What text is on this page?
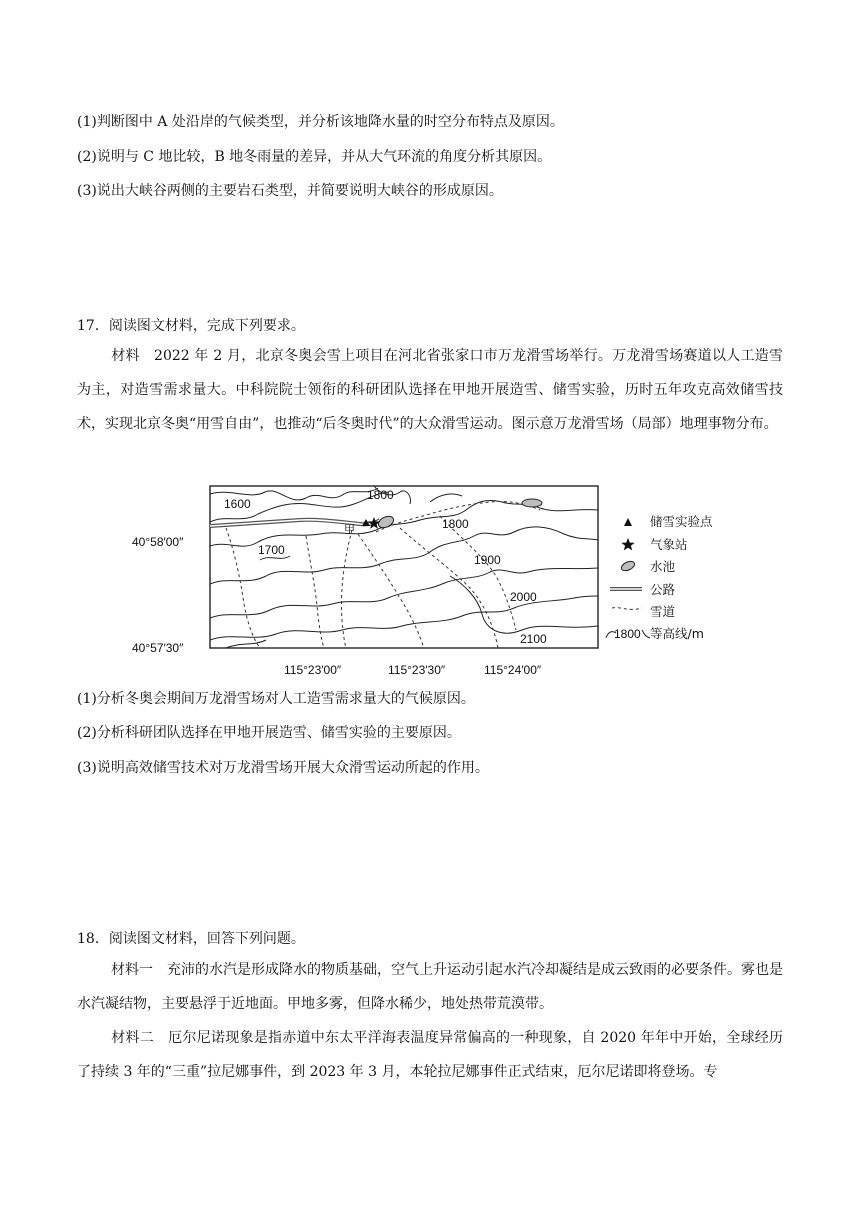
(1)判断图中 A 处沿岸的气候类型，并分析该地降水量的时空分布特点及原因。
(2)说明与 C 地比较，B 地冬雨量的差异，并从大气环流的角度分析其原因。
(3)说出大峡谷两侧的主要岩石类型，并简要说明大峡谷的形成原因。
17．阅读图文材料，完成下列要求。
材料　2022 年 2 月，北京冬奥会雪上项目在河北省张家口市万龙滑雪场举行。万龙滑雪场赛道以人工造雪为主，对造雪需求量大。中科院院士领衔的科研团队选择在甲地开展造雪、储雪实验，历时五年攻克高效储雪技术，实现北京冬奥“用雪自由”，也推动“后冬奥时代”的大众滑雪运动。图示意万龙滑雪场（局部）地理事物分布。
1600
1800
1700
1800
1900
2000
2100
甲
40°58′00″
40°57′30″
115°23′00″	115°23′30″	115°24′00″
储雪实验点
气象站
水池
公路
雪道
1800 等高线/m
(1)分析冬奥会期间万龙滑雪场对人工造雪需求量大的气候原因。
(2)分析科研团队选择在甲地开展造雪、储雪实验的主要原因。
(3)说明高效储雪技术对万龙滑雪场开展大众滑雪运动所起的作用。
18．阅读图文材料，回答下列问题。
材料一　充沛的水汽是形成降水的物质基础，空气上升运动引起水汽冷却凝结是成云致雨的必要条件。雾也是水汽凝结物，主要悬浮于近地面。甲地多雾，但降水稀少，地处热带荒漠带。
材料二　厄尔尼诺现象是指赤道中东太平洋海表温度异常偏高的一种现象，自 2020 年年中开始，全球经历了持续 3 年的“三重”拉尼娜事件，到 2023 年 3 月，本轮拉尼娜事件正式结束，厄尔尼诺即将登场。专
